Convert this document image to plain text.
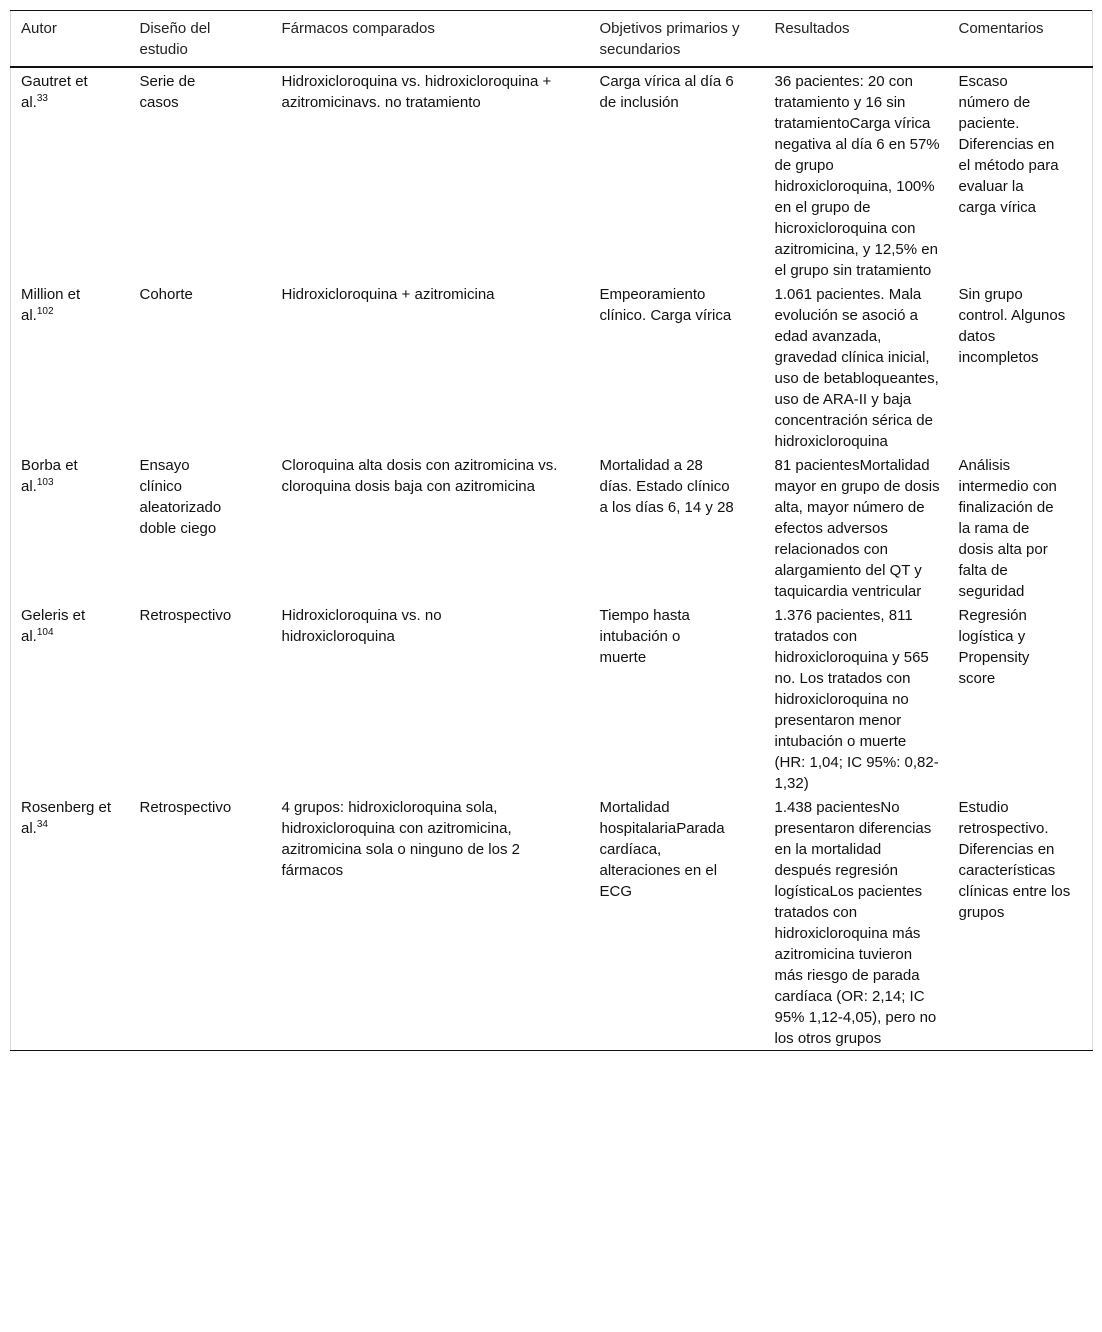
Autor	Diseño del estudio	Fármacos comparados	Objetivos primarios y secundarios	Resultados	Comentarios
Gautret et al.$^{33}$	Serie de casos	Hidroxicloroquina vs. hidroxicloroquina + azitromicinavs. no tratamiento	Carga vírica al día 6 de inclusión	36 pacientes: 20 con tratamiento y 16 sin tratamientoCarga vírica negativa al día 6 en 57% de grupo hidroxicloroquina, 100% en el grupo de hicroxicloroquina con azitromicina, y 12,5% en el grupo sin tratamiento	Escaso número de paciente. Diferencias en el método para evaluar la carga vírica
Million et al.$^{102}$	Cohorte	Hidroxicloroquina + azitromicina	Empeoramiento clínico. Carga vírica	1.061 pacientes. Mala evolución se asoció a edad avanzada, gravedad clínica inicial, uso de betabloqueantes, uso de ARA-II y baja concentración sérica de hidroxicloroquina	Sin grupo control. Algunos datos incompletos
Borba et al.$^{103}$	Ensayo clínico aleatorizado doble ciego	Cloroquina alta dosis con azitromicina vs. cloroquina dosis baja con azitromicina	Mortalidad a 28 días. Estado clínico a los días 6, 14 y 28	81 pacientesMortalidad mayor en grupo de dosis alta, mayor número de efectos adversos relacionados con alargamiento del QT y taquicardia ventricular	Análisis intermedio con finalización de la rama de dosis alta por falta de seguridad
Geleris et al.$^{104}$	Retrospectivo	Hidroxicloroquina vs. no hidroxicloroquina	Tiempo hasta intubación o muerte	1.376 pacientes, 811 tratados con hidroxicloroquina y 565 no. Los tratados con hidroxicloroquina no presentaron menor intubación o muerte (HR: 1,04; IC 95%: 0,82-1,32)	Regresión logística y Propensity score
Rosenberg et al.$^{34}$	Retrospectivo	4 grupos: hidroxicloroquina sola, hidroxicloroquina con azitromicina, azitromicina sola o ninguno de los 2 fármacos	Mortalidad hospitalariaParada cardíaca, alteraciones en el ECG	1.438 pacientesNo presentaron diferencias en la mortalidad después regresión logísticaLos pacientes tratados con hidroxicloroquina más azitromicina tuvieron más riesgo de parada cardíaca (OR: 2,14; IC 95% 1,12-4,05), pero no los otros grupos	Estudio retrospectivo. Diferencias en características clínicas entre los grupos
